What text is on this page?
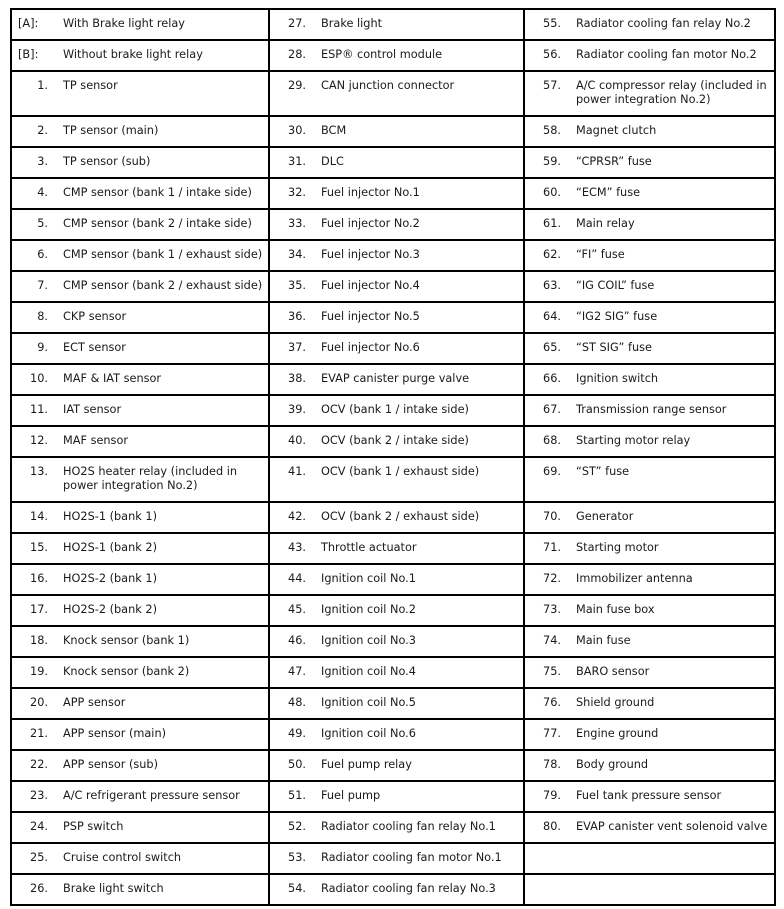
[A]: With Brake light relay	27. Brake light	55. Radiator cooling fan relay No.2

[B]: Without brake light relay	28. ESP® control module	56. Radiator cooling fan motor No.2

1. TP sensor	29. CAN junction connector	57. A/C compressor relay (included in power integration No.2)

2. TP sensor (main)	30. BCM	58. Magnet clutch

3. TP sensor (sub)	31. DLC	59. “CPRSR” fuse

4. CMP sensor (bank 1 / intake side)	32. Fuel injector No.1	60. “ECM” fuse

5. CMP sensor (bank 2 / intake side)	33. Fuel injector No.2	61. Main relay

6. CMP sensor (bank 1 / exhaust side)	34. Fuel injector No.3	62. “FI” fuse

7. CMP sensor (bank 2 / exhaust side)	35. Fuel injector No.4	63. “IG COIL” fuse

8. CKP sensor	36. Fuel injector No.5	64. “IG2 SIG” fuse

9. ECT sensor	37. Fuel injector No.6	65. “ST SIG” fuse

10. MAF & IAT sensor	38. EVAP canister purge valve	66. Ignition switch

11. IAT sensor	39. OCV (bank 1 / intake side)	67. Transmission range sensor

12. MAF sensor	40. OCV (bank 2 / intake side)	68. Starting motor relay

13. HO2S heater relay (included in power integration No.2)	41. OCV (bank 1 / exhaust side)	69. “ST” fuse

14. HO2S-1 (bank 1)	42. OCV (bank 2 / exhaust side)	70. Generator

15. HO2S-1 (bank 2)	43. Throttle actuator	71. Starting motor

16. HO2S-2 (bank 1)	44. Ignition coil No.1	72. Immobilizer antenna

17. HO2S-2 (bank 2)	45. Ignition coil No.2	73. Main fuse box

18. Knock sensor (bank 1)	46. Ignition coil No.3	74. Main fuse

19. Knock sensor (bank 2)	47. Ignition coil No.4	75. BARO sensor

20. APP sensor	48. Ignition coil No.5	76. Shield ground

21. APP sensor (main)	49. Ignition coil No.6	77. Engine ground

22. APP sensor (sub)	50. Fuel pump relay	78. Body ground

23. A/C refrigerant pressure sensor	51. Fuel pump	79. Fuel tank pressure sensor

24. PSP switch	52. Radiator cooling fan relay No.1	80. EVAP canister vent solenoid valve

25. Cruise control switch	53. Radiator cooling fan motor No.1	

26. Brake light switch	54. Radiator cooling fan relay No.3	
